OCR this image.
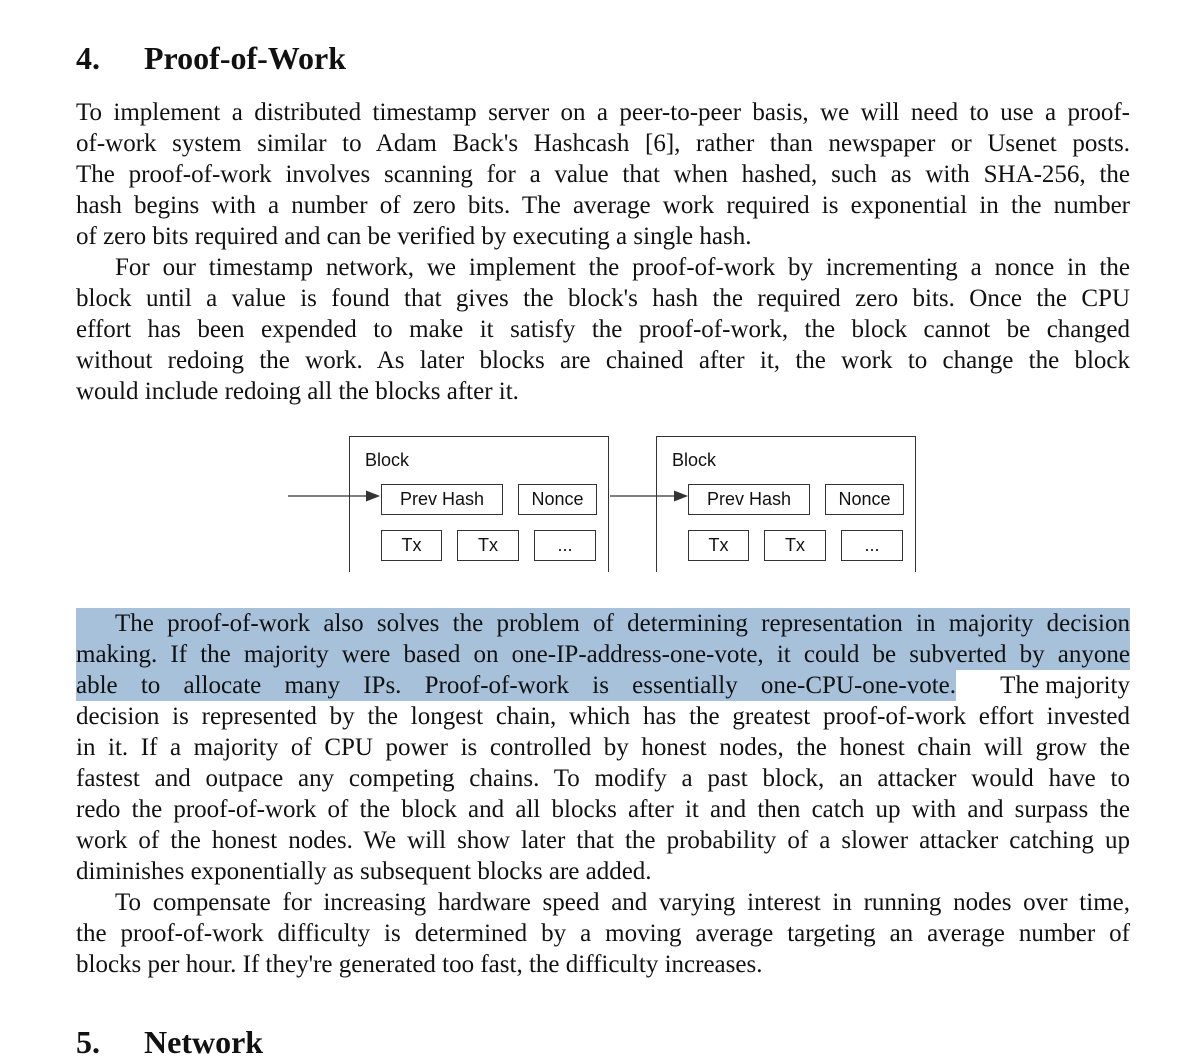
4. Proof-of-Work
To implement a distributed timestamp server on a peer-to-peer basis, we will need to use a proof-
of-work system similar to Adam Back's Hashcash [6], rather than newspaper or Usenet posts.
The proof-of-work involves scanning for a value that when hashed, such as with SHA-256, the
hash begins with a number of zero bits. The average work required is exponential in the number
of zero bits required and can be verified by executing a single hash.
For our timestamp network, we implement the proof-of-work by incrementing a nonce in the
block until a value is found that gives the block's hash the required zero bits. Once the CPU
effort has been expended to make it satisfy the proof-of-work, the block cannot be changed
without redoing the work. As later blocks are chained after it, the work to change the block
would include redoing all the blocks after it.
Block
Prev Hash	Nonce
Tx	Tx	...
Block
Prev Hash	Nonce
Tx	Tx	...
The proof-of-work also solves the problem of determining representation in majority decision
making. If the majority were based on one-IP-address-one-vote, it could be subverted by anyone
able to allocate many IPs. Proof-of-work is essentially one-CPU-one-vote. The majority
decision is represented by the longest chain, which has the greatest proof-of-work effort invested
in it. If a majority of CPU power is controlled by honest nodes, the honest chain will grow the
fastest and outpace any competing chains. To modify a past block, an attacker would have to
redo the proof-of-work of the block and all blocks after it and then catch up with and surpass the
work of the honest nodes. We will show later that the probability of a slower attacker catching up
diminishes exponentially as subsequent blocks are added.
To compensate for increasing hardware speed and varying interest in running nodes over time,
the proof-of-work difficulty is determined by a moving average targeting an average number of
blocks per hour. If they're generated too fast, the difficulty increases.
5. Network
